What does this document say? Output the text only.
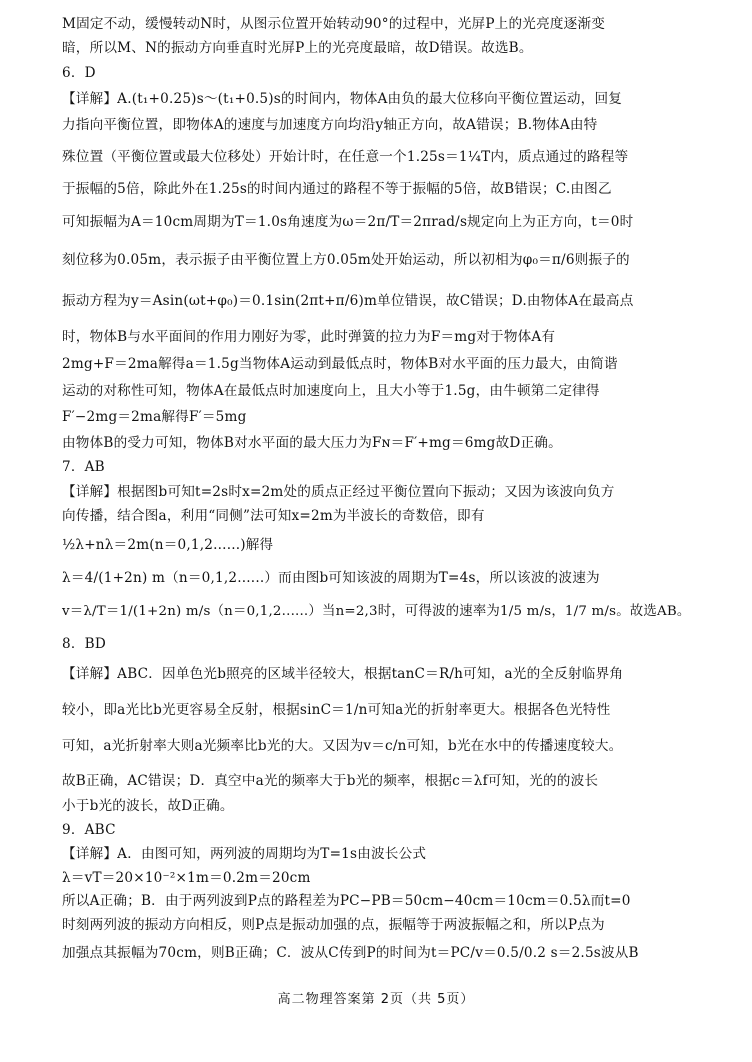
M固定不动，缓慢转动N时，从图示位置开始转动90°的过程中，光屏P上的光亮度逐渐变
暗，所以M、N的振动方向垂直时光屏P上的光亮度最暗，故D错误。故选B。
6．D
【详解】A.(t₁+0.25)s～(t₁+0.5)s的时间内，物体A由负的最大位移向平衡位置运动，回复
力指向平衡位置，即物体A的速度与加速度方向均沿y轴正方向，故A错误；B.物体A由特
殊位置（平衡位置或最大位移处）开始计时，在任意一个1.25s＝1¼T内，质点通过的路程等
于振幅的5倍，除此外在1.25s的时间内通过的路程不等于振幅的5倍，故B错误；C.由图乙
可知振幅为A＝10cm周期为T＝1.0s角速度为ω＝2π/T＝2πrad/s规定向上为正方向，t＝0时
刻位移为0.05m，表示振子由平衡位置上方0.05m处开始运动，所以初相为φ₀＝π/6则振子的
振动方程为y＝Asin(ωt+φ₀)＝0.1sin(2πt+π/6)m单位错误，故C错误；D.由物体A在最高点
时，物体B与水平面间的作用力刚好为零，此时弹簧的拉力为F＝mg对于物体A有
2mg+F＝2ma解得a＝1.5g当物体A运动到最低点时，物体B对水平面的压力最大，由简谐
运动的对称性可知，物体A在最低点时加速度向上，且大小等于1.5g，由牛顿第二定律得
F′−2mg＝2ma解得F′＝5mg
由物体B的受力可知，物体B对水平面的最大压力为Fɴ＝F′+mg＝6mg故D正确。
7．AB
【详解】根据图b可知t=2s时x=2m处的质点正经过平衡位置向下振动；又因为该波向负方
向传播，结合图a，利用“同侧”法可知x=2m为半波长的奇数倍，即有
½λ+nλ＝2m(n＝0,1,2......)解得
λ＝4/(1+2n) m（n＝0,1,2......）而由图b可知该波的周期为T=4s，所以该波的波速为
v＝λ/T＝1/(1+2n) m/s（n＝0,1,2......）当n=2,3时，可得波的速率为1/5 m/s，1/7 m/s。故选AB。
8．BD
【详解】ABC．因单色光b照亮的区域半径较大，根据tanC＝R/h可知，a光的全反射临界角
较小，即a光比b光更容易全反射，根据sinC＝1/n可知a光的折射率更大。根据各色光特性
可知，a光折射率大则a光频率比b光的大。又因为v＝c/n可知，b光在水中的传播速度较大。
故B正确，AC错误；D．真空中a光的频率大于b光的频率，根据c＝λf可知，光的的波长
小于b光的波长，故D正确。
9．ABC
【详解】A．由图可知，两列波的周期均为T=1s由波长公式
λ＝vT＝20×10⁻²×1m＝0.2m＝20cm
所以A正确；B．由于两列波到P点的路程差为PC−PB＝50cm−40cm＝10cm＝0.5λ而t=0
时刻两列波的振动方向相反，则P点是振动加强的点，振幅等于两波振幅之和，所以P点为
加强点其振幅为70cm，则B正确；C．波从C传到P的时间为t＝PC/v＝0.5/0.2 s＝2.5s波从B
高二物理答案第 2页（共 5页）
